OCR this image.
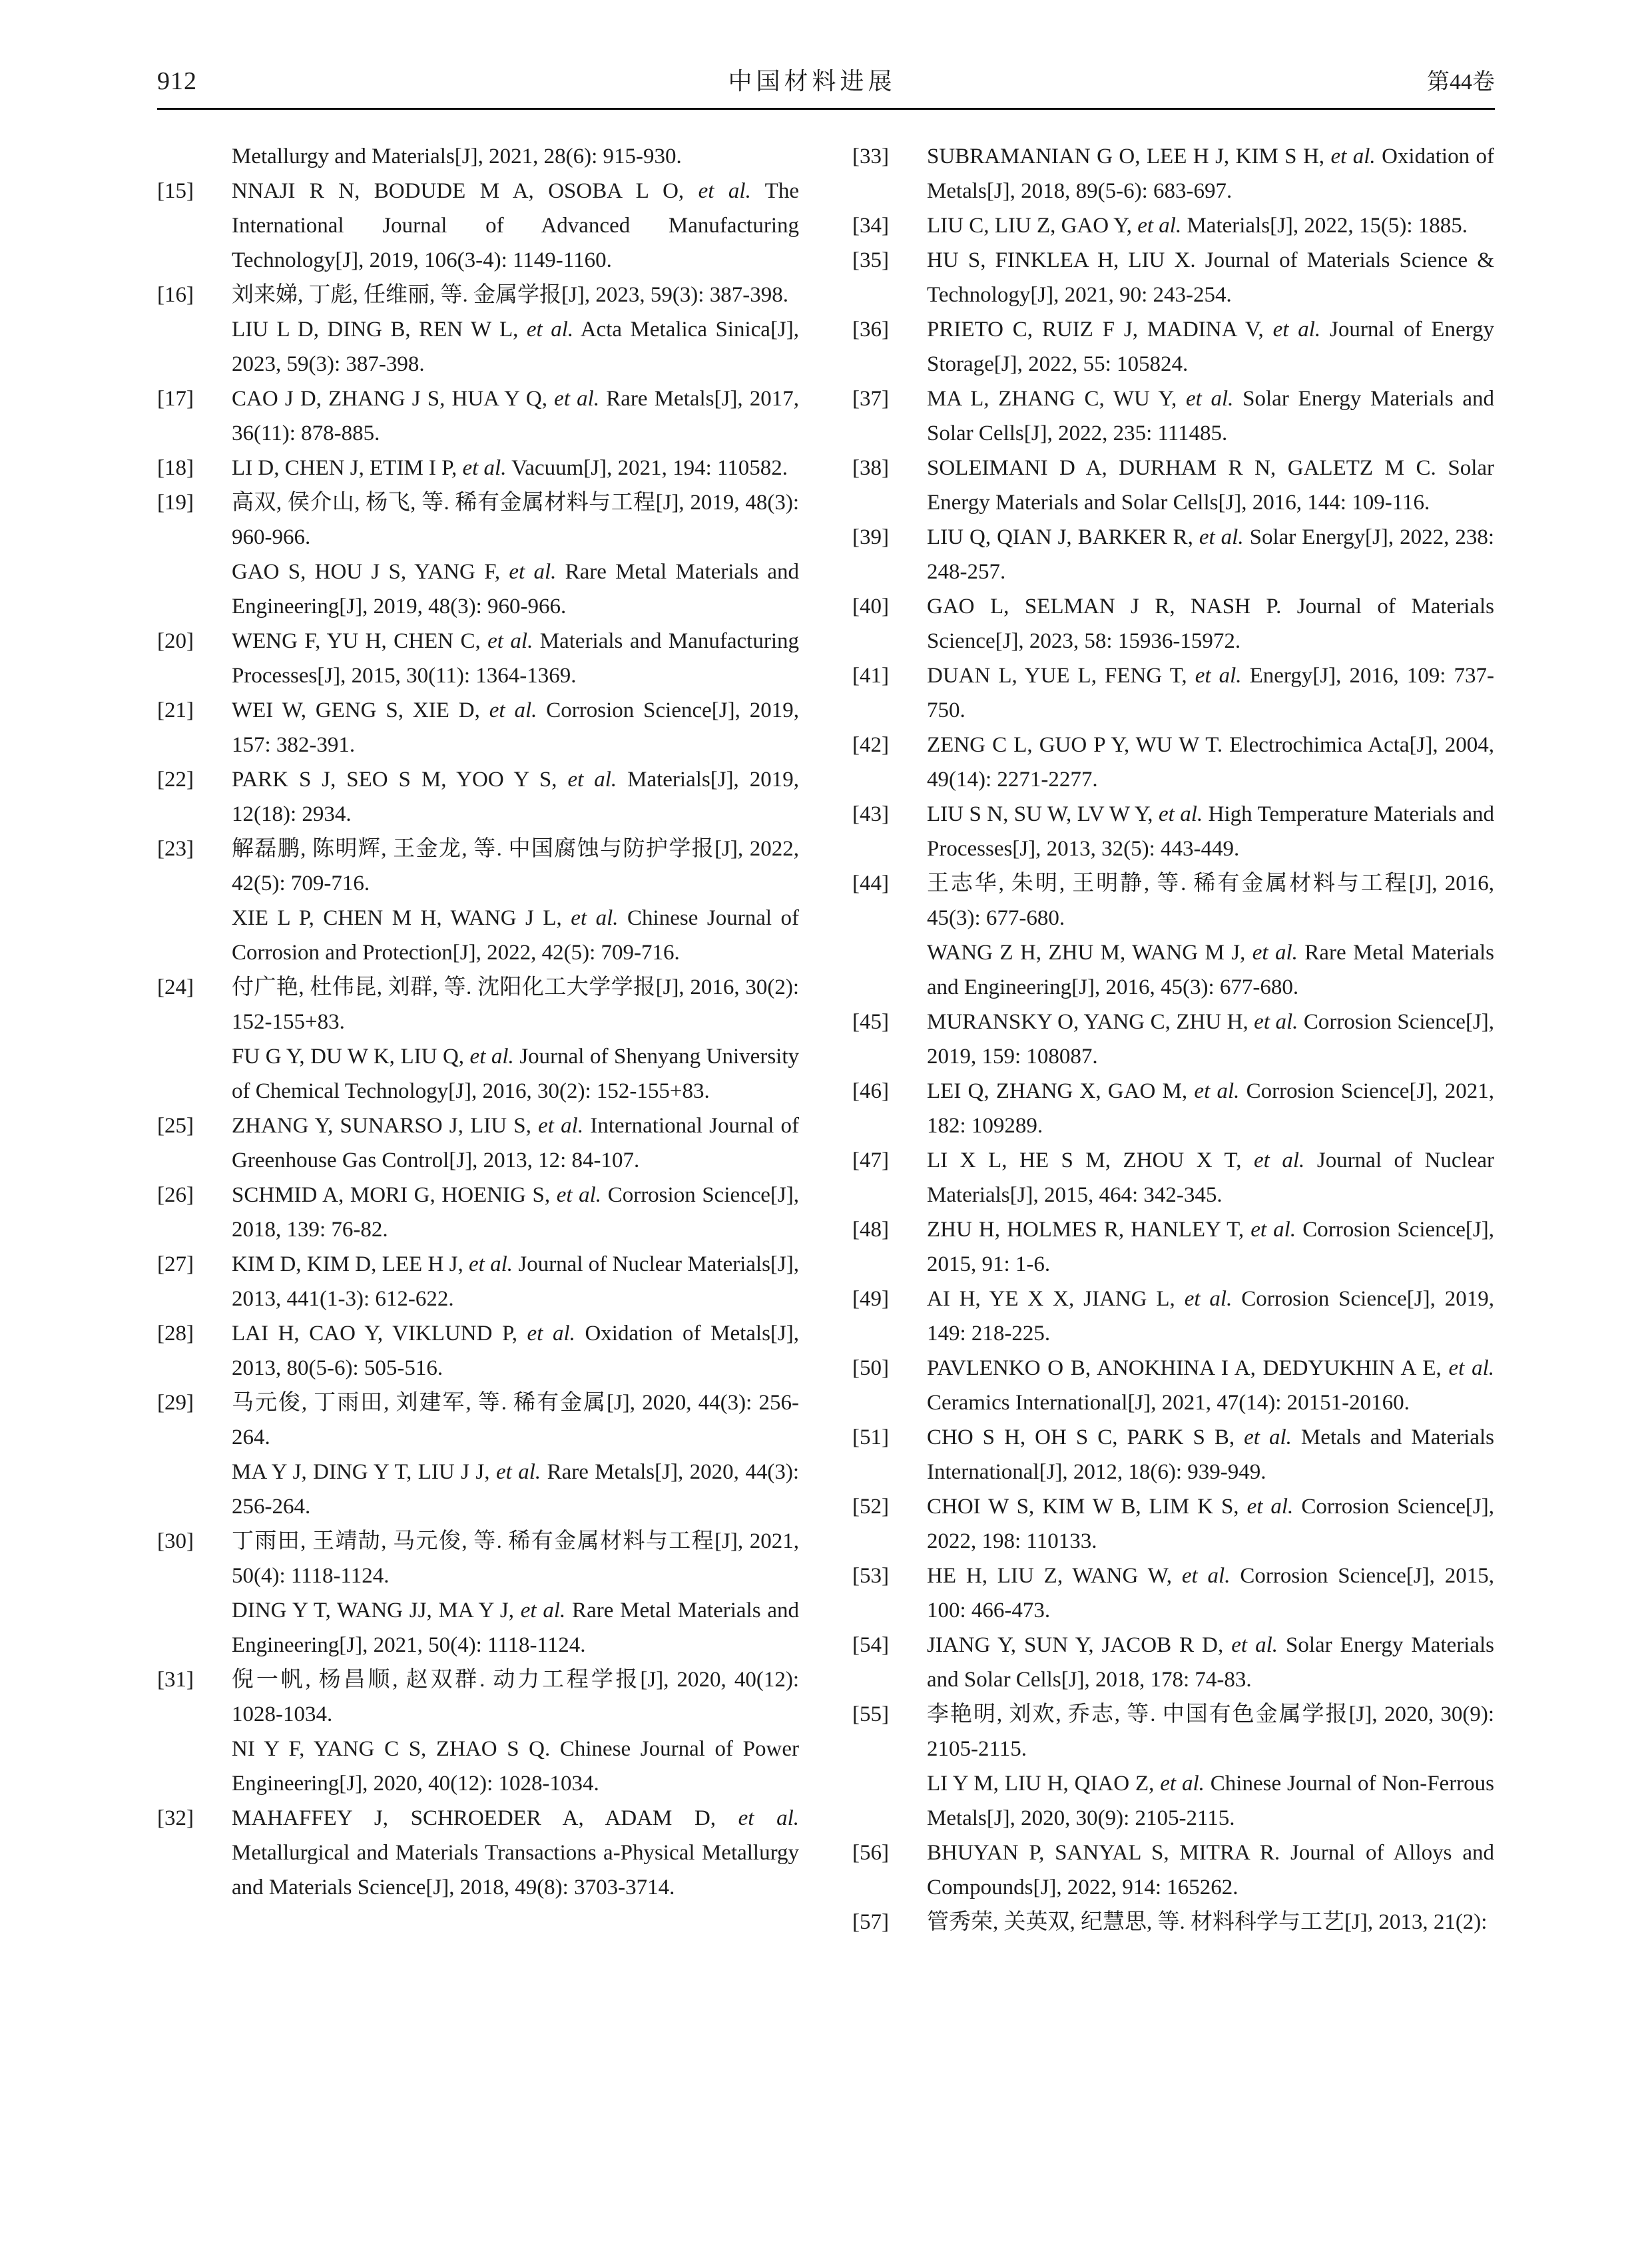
912	中国材料进展	第44卷

Metallurgy and Materials[J], 2021, 28(6): 915-930.

[15]	NNAJI R N, BODUDE M A, OSOBA L O, et al. The International Journal of Advanced Manufacturing Technology[J], 2019, 106(3-4): 1149-1160.

[16]	刘来娣, 丁彪, 任维丽, 等. 金属学报[J], 2023, 59(3): 387-398.

LIU L D, DING B, REN W L, et al. Acta Metalica Sinica[J], 2023, 59(3): 387-398.

[17]	CAO J D, ZHANG J S, HUA Y Q, et al. Rare Metals[J], 2017, 36(11): 878-885.

[18]	LI D, CHEN J, ETIM I P, et al. Vacuum[J], 2021, 194: 110582.

[19]	高双, 侯介山, 杨飞, 等. 稀有金属材料与工程[J], 2019, 48(3): 960-966.

GAO S, HOU J S, YANG F, et al. Rare Metal Materials and Engineering[J], 2019, 48(3): 960-966.

[20]	WENG F, YU H, CHEN C, et al. Materials and Manufacturing Processes[J], 2015, 30(11): 1364-1369.

[21]	WEI W, GENG S, XIE D, et al. Corrosion Science[J], 2019, 157: 382-391.

[22]	PARK S J, SEO S M, YOO Y S, et al. Materials[J], 2019, 12(18): 2934.

[23]	解磊鹏, 陈明辉, 王金龙, 等. 中国腐蚀与防护学报[J], 2022, 42(5): 709-716.

XIE L P, CHEN M H, WANG J L, et al. Chinese Journal of Corrosion and Protection[J], 2022, 42(5): 709-716.

[24]	付广艳, 杜伟昆, 刘群, 等. 沈阳化工大学学报[J], 2016, 30(2): 152-155+83.

FU G Y, DU W K, LIU Q, et al. Journal of Shenyang University of Chemical Technology[J], 2016, 30(2): 152-155+83.

[25]	ZHANG Y, SUNARSO J, LIU S, et al. International Journal of Greenhouse Gas Control[J], 2013, 12: 84-107.

[26]	SCHMID A, MORI G, HOENIG S, et al. Corrosion Science[J], 2018, 139: 76-82.

[27]	KIM D, KIM D, LEE H J, et al. Journal of Nuclear Materials[J], 2013, 441(1-3): 612-622.

[28]	LAI H, CAO Y, VIKLUND P, et al. Oxidation of Metals[J], 2013, 80(5-6): 505-516.

[29]	马元俊, 丁雨田, 刘建军, 等. 稀有金属[J], 2020, 44(3): 256-264.

MA Y J, DING Y T, LIU J J, et al. Rare Metals[J], 2020, 44(3): 256-264.

[30]	丁雨田, 王靖劼, 马元俊, 等. 稀有金属材料与工程[J], 2021, 50(4): 1118-1124.

DING Y T, WANG JJ, MA Y J, et al. Rare Metal Materials and Engineering[J], 2021, 50(4): 1118-1124.

[31]	倪一帆, 杨昌顺, 赵双群. 动力工程学报[J], 2020, 40(12): 1028-1034.

NI Y F, YANG C S, ZHAO S Q. Chinese Journal of Power Engineering[J], 2020, 40(12): 1028-1034.

[32]	MAHAFFEY J, SCHROEDER A, ADAM D, et al. Metallurgical and Materials Transactions a-Physical Metallurgy and Materials Science[J], 2018, 49(8): 3703-3714.

[33]	SUBRAMANIAN G O, LEE H J, KIM S H, et al. Oxidation of Metals[J], 2018, 89(5-6): 683-697.

[34]	LIU C, LIU Z, GAO Y, et al. Materials[J], 2022, 15(5): 1885.

[35]	HU S, FINKLEA H, LIU X. Journal of Materials Science & Technology[J], 2021, 90: 243-254.

[36]	PRIETO C, RUIZ F J, MADINA V, et al. Journal of Energy Storage[J], 2022, 55: 105824.

[37]	MA L, ZHANG C, WU Y, et al. Solar Energy Materials and Solar Cells[J], 2022, 235: 111485.

[38]	SOLEIMANI D A, DURHAM R N, GALETZ M C. Solar Energy Materials and Solar Cells[J], 2016, 144: 109-116.

[39]	LIU Q, QIAN J, BARKER R, et al. Solar Energy[J], 2022, 238: 248-257.

[40]	GAO L, SELMAN J R, NASH P. Journal of Materials Science[J], 2023, 58: 15936-15972.

[41]	DUAN L, YUE L, FENG T, et al. Energy[J], 2016, 109: 737-750.

[42]	ZENG C L, GUO P Y, WU W T. Electrochimica Acta[J], 2004, 49(14): 2271-2277.

[43]	LIU S N, SU W, LV W Y, et al. High Temperature Materials and Processes[J], 2013, 32(5): 443-449.

[44]	王志华, 朱明, 王明静, 等. 稀有金属材料与工程[J], 2016, 45(3): 677-680.

WANG Z H, ZHU M, WANG M J, et al. Rare Metal Materials and Engineering[J], 2016, 45(3): 677-680.

[45]	MURANSKY O, YANG C, ZHU H, et al. Corrosion Science[J], 2019, 159: 108087.

[46]	LEI Q, ZHANG X, GAO M, et al. Corrosion Science[J], 2021, 182: 109289.

[47]	LI X L, HE S M, ZHOU X T, et al. Journal of Nuclear Materials[J], 2015, 464: 342-345.

[48]	ZHU H, HOLMES R, HANLEY T, et al. Corrosion Science[J], 2015, 91: 1-6.

[49]	AI H, YE X X, JIANG L, et al. Corrosion Science[J], 2019, 149: 218-225.

[50]	PAVLENKO O B, ANOKHINA I A, DEDYUKHIN A E, et al. Ceramics International[J], 2021, 47(14): 20151-20160.

[51]	CHO S H, OH S C, PARK S B, et al. Metals and Materials International[J], 2012, 18(6): 939-949.

[52]	CHOI W S, KIM W B, LIM K S, et al. Corrosion Science[J], 2022, 198: 110133.

[53]	HE H, LIU Z, WANG W, et al. Corrosion Science[J], 2015, 100: 466-473.

[54]	JIANG Y, SUN Y, JACOB R D, et al. Solar Energy Materials and Solar Cells[J], 2018, 178: 74-83.

[55]	李艳明, 刘欢, 乔志, 等. 中国有色金属学报[J], 2020, 30(9): 2105-2115.

LI Y M, LIU H, QIAO Z, et al. Chinese Journal of Non-Ferrous Metals[J], 2020, 30(9): 2105-2115.

[56]	BHUYAN P, SANYAL S, MITRA R. Journal of Alloys and Compounds[J], 2022, 914: 165262.

[57]	管秀荣, 关英双, 纪慧思, 等. 材料科学与工艺[J], 2013, 21(2):
